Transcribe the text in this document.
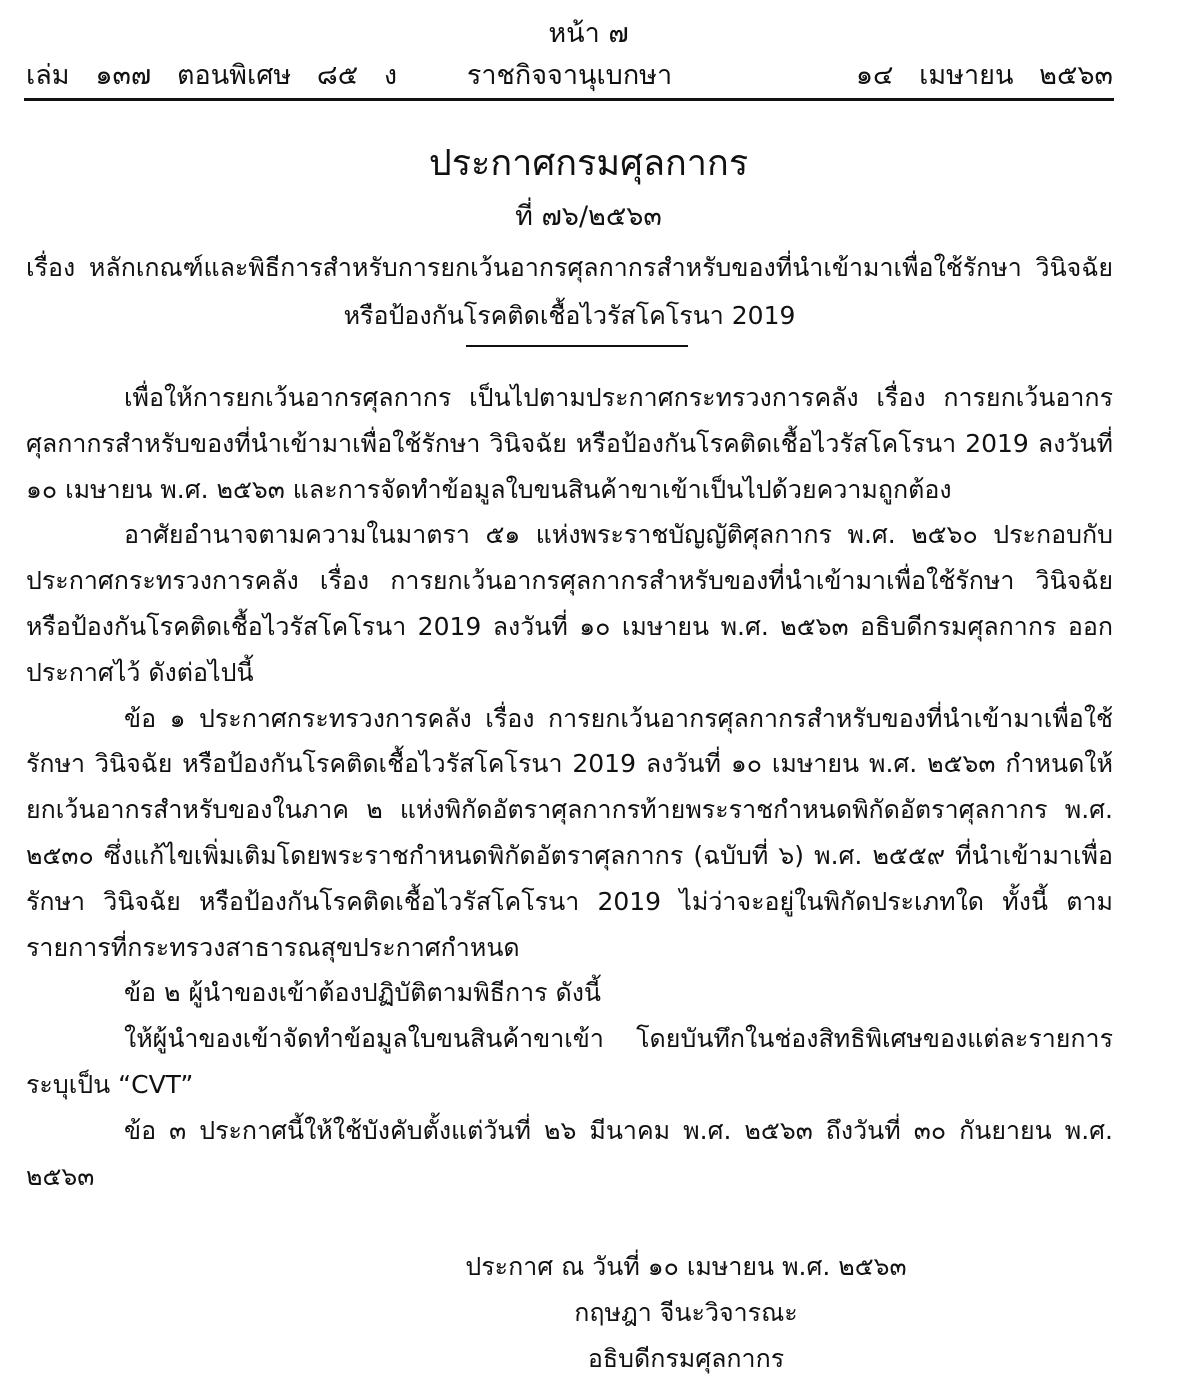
หน้า ๗
ราชกิจจานุเบกษา
เล่ม   ๑๓๗   ตอนพิเศษ   ๘๕   ง	๑๔   เมษายน   ๒๕๖๓
ประกาศกรมศุลกากร
ที่ ๗๖/๒๕๖๓
เรื่อง หลักเกณฑ์และพิธีการสำหรับการยกเว้นอากรศุลกากรสำหรับของที่นำเข้ามาเพื่อใช้รักษา วินิจฉัย
หรือป้องกันโรคติดเชื้อไวรัสโคโรนา 2019

เพื่อให้การยกเว้นอากรศุลกากร เป็นไปตามประกาศกระทรวงการคลัง เรื่อง การยกเว้นอากรศุลกากรสำหรับของที่นำเข้ามาเพื่อใช้รักษา วินิจฉัย หรือป้องกันโรคติดเชื้อไวรัสโคโรนา 2019 ลงวันที่ ๑๐ เมษายน พ.ศ. ๒๕๖๓ และการจัดทำข้อมูลใบขนสินค้าขาเข้าเป็นไปด้วยความถูกต้อง

อาศัยอำนาจตามความในมาตรา ๕๑ แห่งพระราชบัญญัติศุลกากร พ.ศ. ๒๕๖๐ ประกอบกับประกาศกระทรวงการคลัง เรื่อง การยกเว้นอากรศุลกากรสำหรับของที่นำเข้ามาเพื่อใช้รักษา วินิจฉัย หรือป้องกันโรคติดเชื้อไวรัสโคโรนา 2019 ลงวันที่ ๑๐ เมษายน พ.ศ. ๒๕๖๓ อธิบดีกรมศุลกากร ออกประกาศไว้ ดังต่อไปนี้

ข้อ ๑ ประกาศกระทรวงการคลัง เรื่อง การยกเว้นอากรศุลกากรสำหรับของที่นำเข้ามาเพื่อใช้รักษา วินิจฉัย หรือป้องกันโรคติดเชื้อไวรัสโคโรนา 2019 ลงวันที่ ๑๐ เมษายน พ.ศ. ๒๕๖๓ กำหนดให้ยกเว้นอากรสำหรับของในภาค ๒ แห่งพิกัดอัตราศุลกากรท้ายพระราชกำหนดพิกัดอัตราศุลกากร พ.ศ. ๒๕๓๐ ซึ่งแก้ไขเพิ่มเติมโดยพระราชกำหนดพิกัดอัตราศุลกากร (ฉบับที่ ๖) พ.ศ. ๒๕๕๙ ที่นำเข้ามาเพื่อรักษา วินิจฉัย หรือป้องกันโรคติดเชื้อไวรัสโคโรนา 2019 ไม่ว่าจะอยู่ในพิกัดประเภทใด ทั้งนี้ ตามรายการที่กระทรวงสาธารณสุขประกาศกำหนด

ข้อ ๒ ผู้นำของเข้าต้องปฏิบัติตามพิธีการ ดังนี้

ให้ผู้นำของเข้าจัดทำข้อมูลใบขนสินค้าขาเข้า โดยบันทึกในช่องสิทธิพิเศษของแต่ละรายการระบุเป็น “CVT”

ข้อ ๓ ประกาศนี้ให้ใช้บังคับตั้งแต่วันที่ ๒๖ มีนาคม พ.ศ. ๒๕๖๓ ถึงวันที่ ๓๐ กันยายน พ.ศ. ๒๕๖๓

ประกาศ ณ วันที่ ๑๐ เมษายน พ.ศ. ๒๕๖๓
กฤษฎา จีนะวิจารณะ
อธิบดีกรมศุลกากร
